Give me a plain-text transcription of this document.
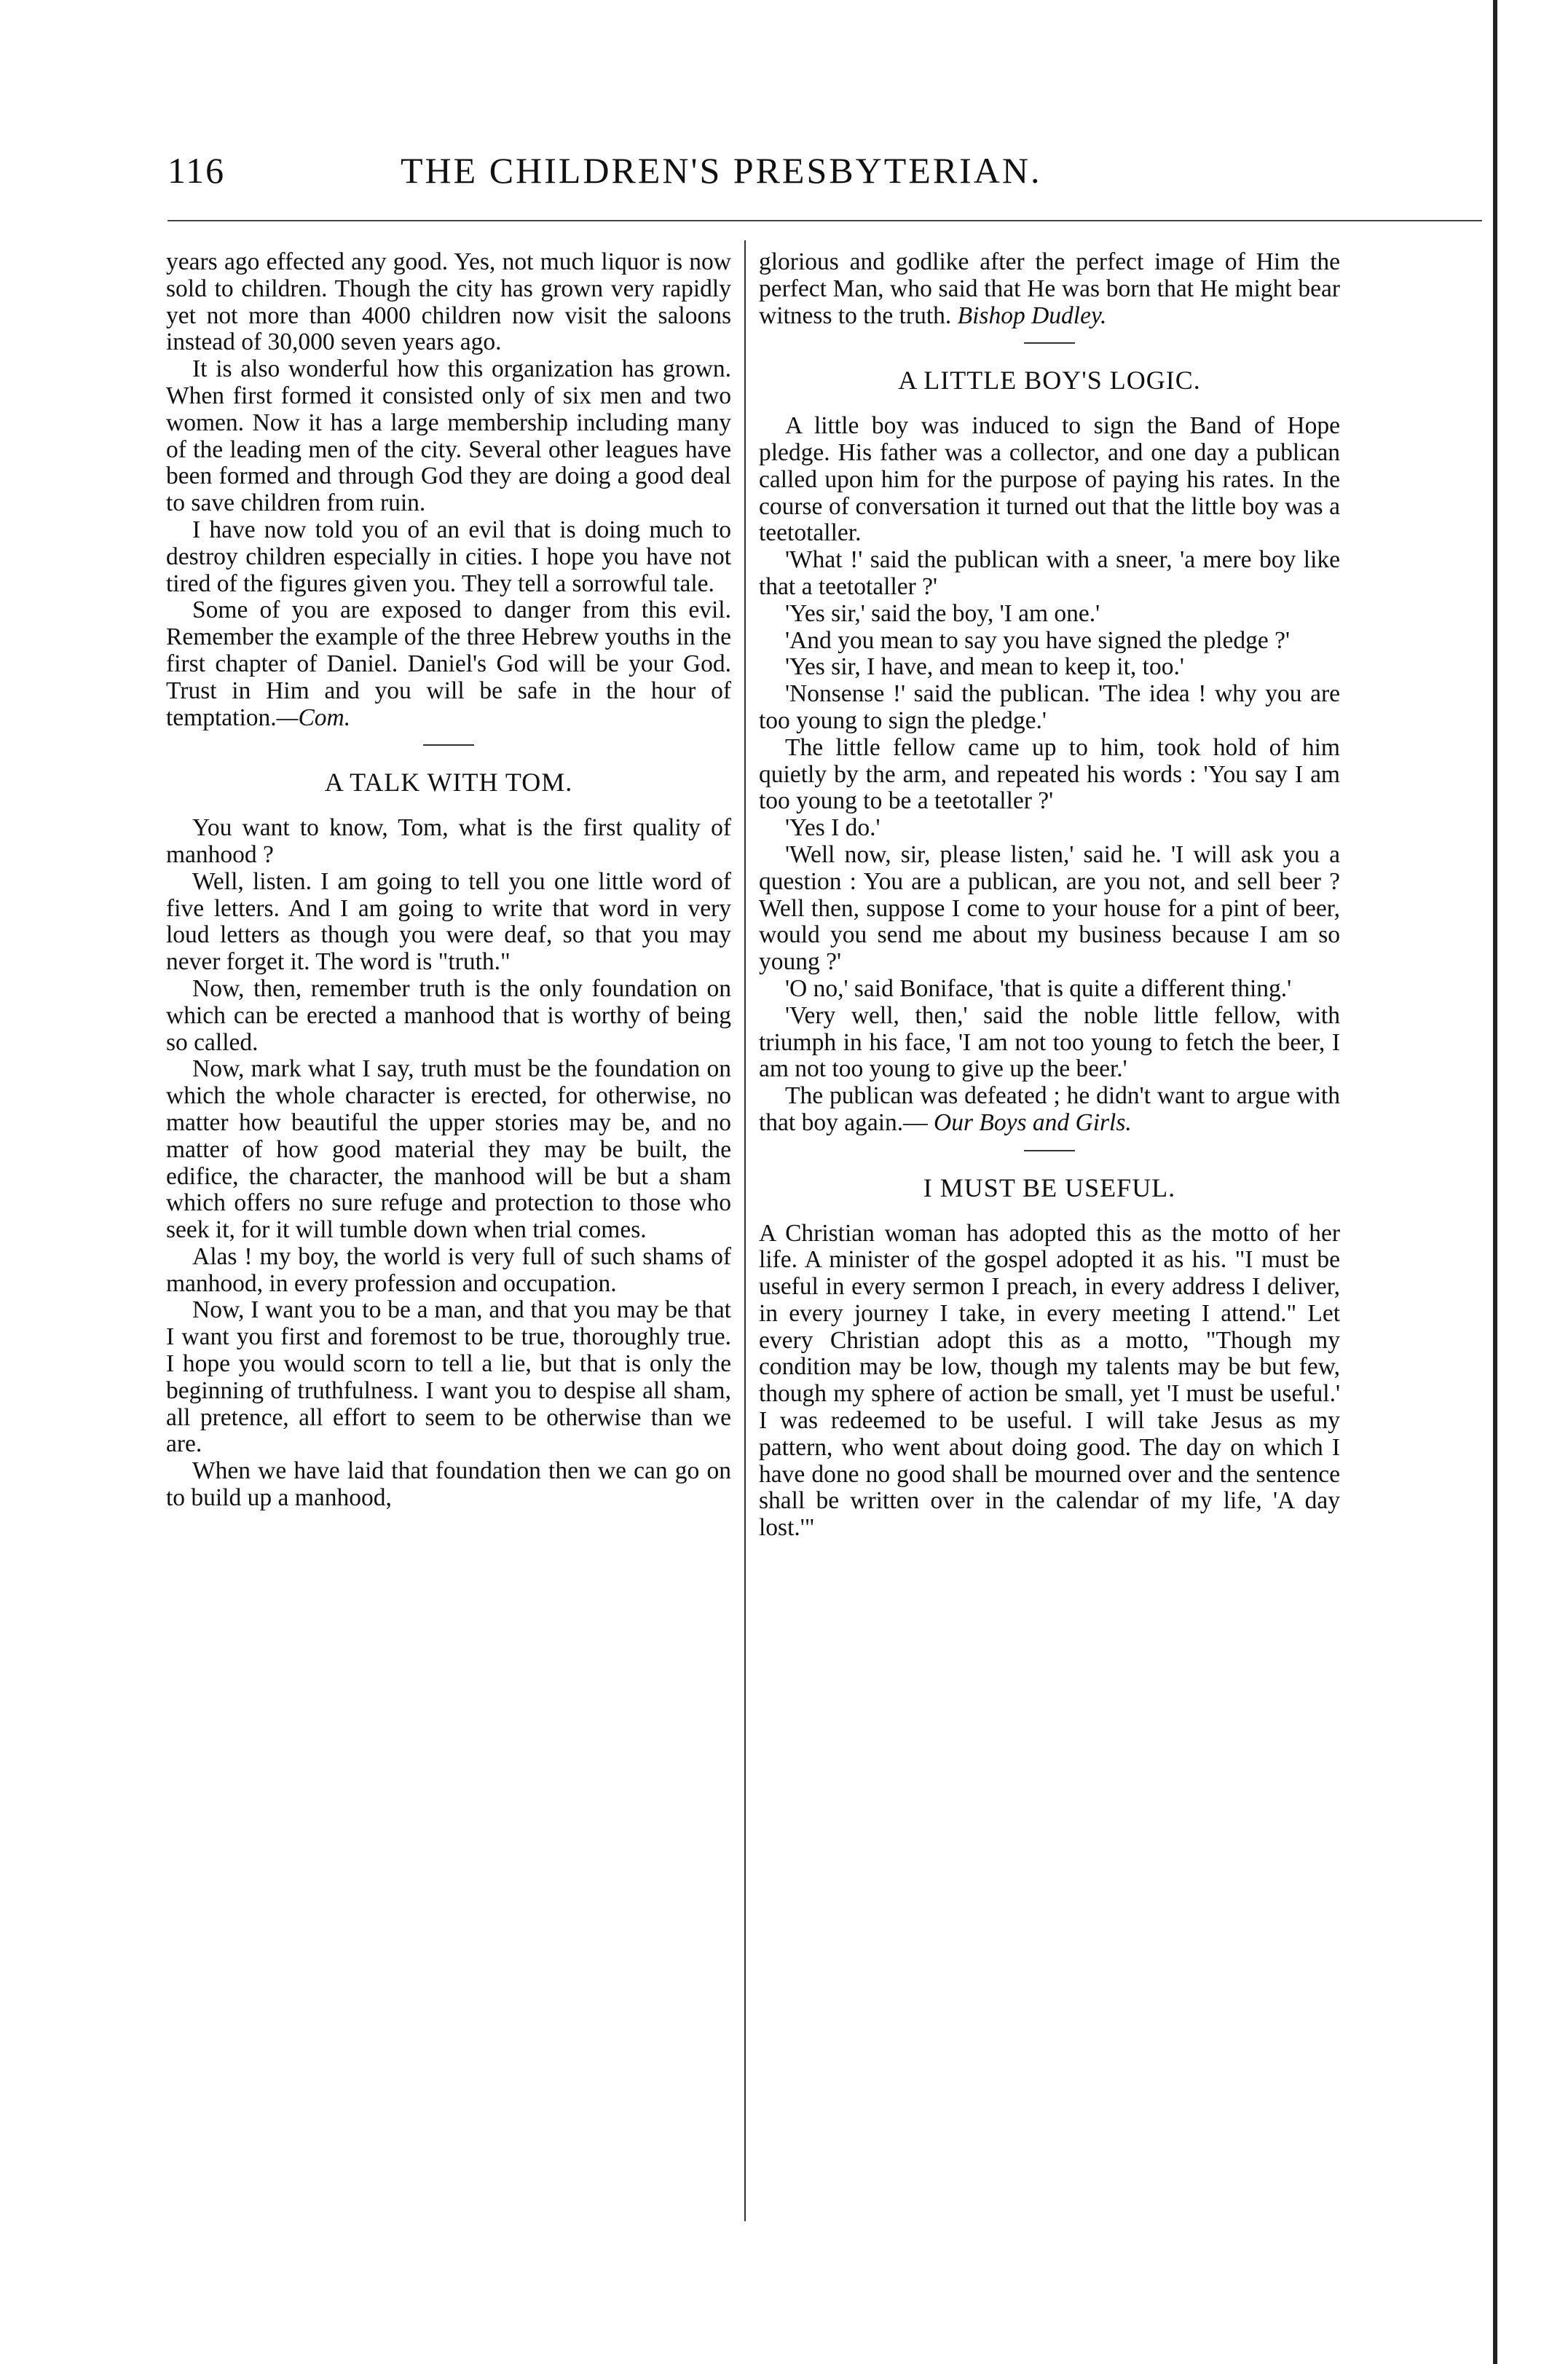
116	THE CHILDREN'S PRESBYTERIAN.

years ago effected any good. Yes, not much liquor is now sold to children. Though the city has grown very rapidly yet not more than 4000 children now visit the saloons instead of 30,000 seven years ago.

It is also wonderful how this organization has grown. When first formed it consisted only of six men and two women. Now it has a large membership including many of the leading men of the city. Several other leagues have been formed and through God they are doing a good deal to save children from ruin.

I have now told you of an evil that is doing much to destroy children especially in cities. I hope you have not tired of the figures given you. They tell a sorrowful tale.

Some of you are exposed to danger from this evil. Remember the example of the three Hebrew youths in the first chapter of Daniel. Daniel's God will be your God. Trust in Him and you will be safe in the hour of temptation.—Com.

A TALK WITH TOM.

You want to know, Tom, what is the first quality of manhood ?

Well, listen. I am going to tell you one little word of five letters. And I am going to write that word in very loud letters as though you were deaf, so that you may never forget it. The word is "truth."

Now, then, remember truth is the only foundation on which can be erected a manhood that is worthy of being so called.

Now, mark what I say, truth must be the foundation on which the whole character is erected, for otherwise, no matter how beautiful the upper stories may be, and no matter of how good material they may be built, the edifice, the character, the manhood will be but a sham which offers no sure refuge and protection to those who seek it, for it will tumble down when trial comes.

Alas ! my boy, the world is very full of such shams of manhood, in every profession and occupation.

Now, I want you to be a man, and that you may be that I want you first and foremost to be true, thoroughly true. I hope you would scorn to tell a lie, but that is only the beginning of truthfulness. I want you to despise all sham, all pretence, all effort to seem to be otherwise than we are.

When we have laid that foundation then we can go on to build up a manhood,

glorious and godlike after the perfect image of Him the perfect Man, who said that He was born that He might bear witness to the truth. Bishop Dudley.

A LITTLE BOY'S LOGIC.

A little boy was induced to sign the Band of Hope pledge. His father was a collector, and one day a publican called upon him for the purpose of paying his rates. In the course of conversation it turned out that the little boy was a teetotaller.

'What !' said the publican with a sneer, 'a mere boy like that a teetotaller ?'

'Yes sir,' said the boy, 'I am one.'

'And you mean to say you have signed the pledge ?'

'Yes sir, I have, and mean to keep it, too.'

'Nonsense !' said the publican. 'The idea ! why you are too young to sign the pledge.'

The little fellow came up to him, took hold of him quietly by the arm, and repeated his words : 'You say I am too young to be a teetotaller ?'

'Yes I do.'

'Well now, sir, please listen,' said he. 'I will ask you a question : You are a publican, are you not, and sell beer ? Well then, suppose I come to your house for a pint of beer, would you send me about my business because I am so young ?'

'O no,' said Boniface, 'that is quite a different thing.'

'Very well, then,' said the noble little fellow, with triumph in his face, 'I am not too young to fetch the beer, I am not too young to give up the beer.'

The publican was defeated ; he didn't want to argue with that boy again.— Our Boys and Girls.

I MUST BE USEFUL.

A Christian woman has adopted this as the motto of her life. A minister of the gospel adopted it as his. "I must be useful in every sermon I preach, in every address I deliver, in every journey I take, in every meeting I attend." Let every Christian adopt this as a motto, "Though my condition may be low, though my talents may be but few, though my sphere of action be small, yet 'I must be useful.' I was redeemed to be useful. I will take Jesus as my pattern, who went about doing good. The day on which I have done no good shall be mourned over and the sentence shall be written over in the calendar of my life, 'A day lost.'"
